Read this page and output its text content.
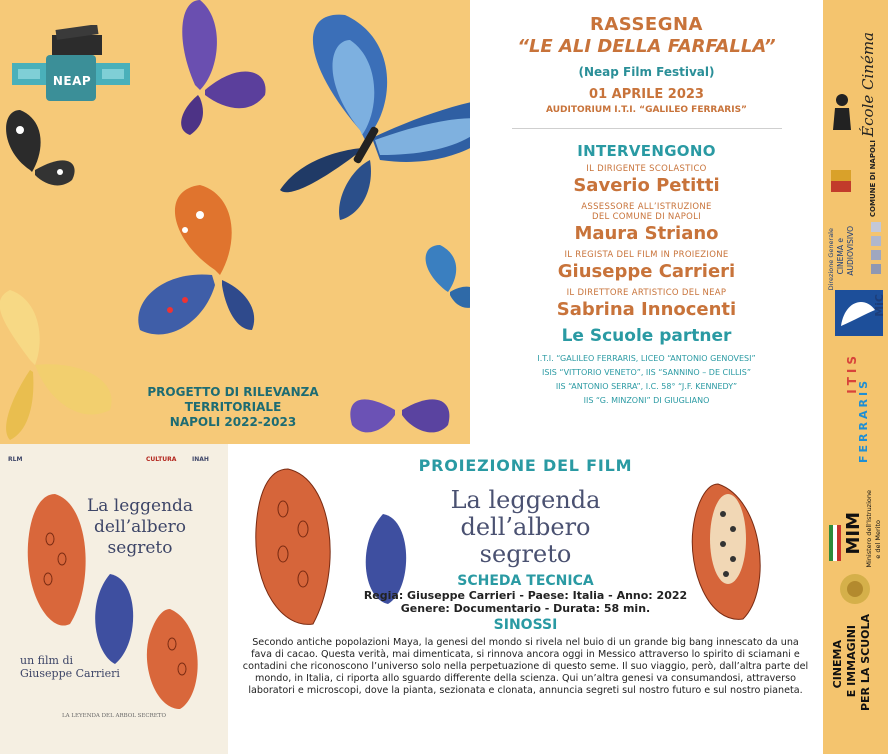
NEAP
PROGETTO DI RILEVANZA
TERRITORIALE
NAPOLI 2022-2023
RASSEGNA
“LE ALI DELLA FARFALLA”
(Neap Film Festival)
01 APRILE 2023
AUDITORIUM I.T.I. “GALILEO FERRARIS”
INTERVENGONO
IL DIRIGENTE SCOLASTICO
Saverio Petitti
ASSESSORE ALL’ISTRUZIONE
DEL COMUNE DI NAPOLI
Maura Striano
IL REGISTA DEL FILM IN PROIEZIONE
Giuseppe Carrieri
IL DIRETTORE ARTISTICO DEL NEAP
Sabrina Innocenti
Le Scuole partner
I.T.I. “GALILEO FERRARIS, LICEO “ANTONIO GENOVESI”
ISIS “VITTORIO VENETO”, IIS “SANNINO – DE CILLIS”
IIS “ANTONIO SERRA”, I.C. 58° “J.F. KENNEDY”
IIS “G. MINZONI” DI GIUGLIANO
École Cinéma
COMUNE DI NAPOLI
Direzione Generale CINEMA e AUDIOVISIVO
MiC
ITIS
FERRARIS
MIM Ministero dell’Istruzione e del Merito
CINEMA E IMMAGINI PER LA SCUOLA
RLM	CULTURA	INAH
La leggenda
dell’albero
segreto
un film di
Giuseppe Carrieri
LA LEYENDA DEL ARBOL SECRETO
PROIEZIONE DEL FILM
La leggenda
dell’albero
segreto
SCHEDA TECNICA
Regia: Giuseppe Carrieri - Paese: Italia - Anno: 2022
Genere: Documentario - Durata: 58 min.
SINOSSI
Secondo antiche popolazioni Maya, la genesi del mondo si rivela nel buio di un grande big bang innescato da una fava di cacao. Questa verità, mai dimenticata, si rinnova ancora oggi in Messico attraverso lo spirito di sciamani e contadini che riconoscono l’universo solo nella perpetuazione di questo seme. Il suo viaggio, però, dall’altra parte del mondo, in Italia, ci riporta allo sguardo differente della scienza. Qui un’altra genesi va consumandosi, attraverso laboratori e microscopi, dove la pianta, sezionata e clonata, annuncia segreti sul nostro futuro e sul nostro pianeta.
